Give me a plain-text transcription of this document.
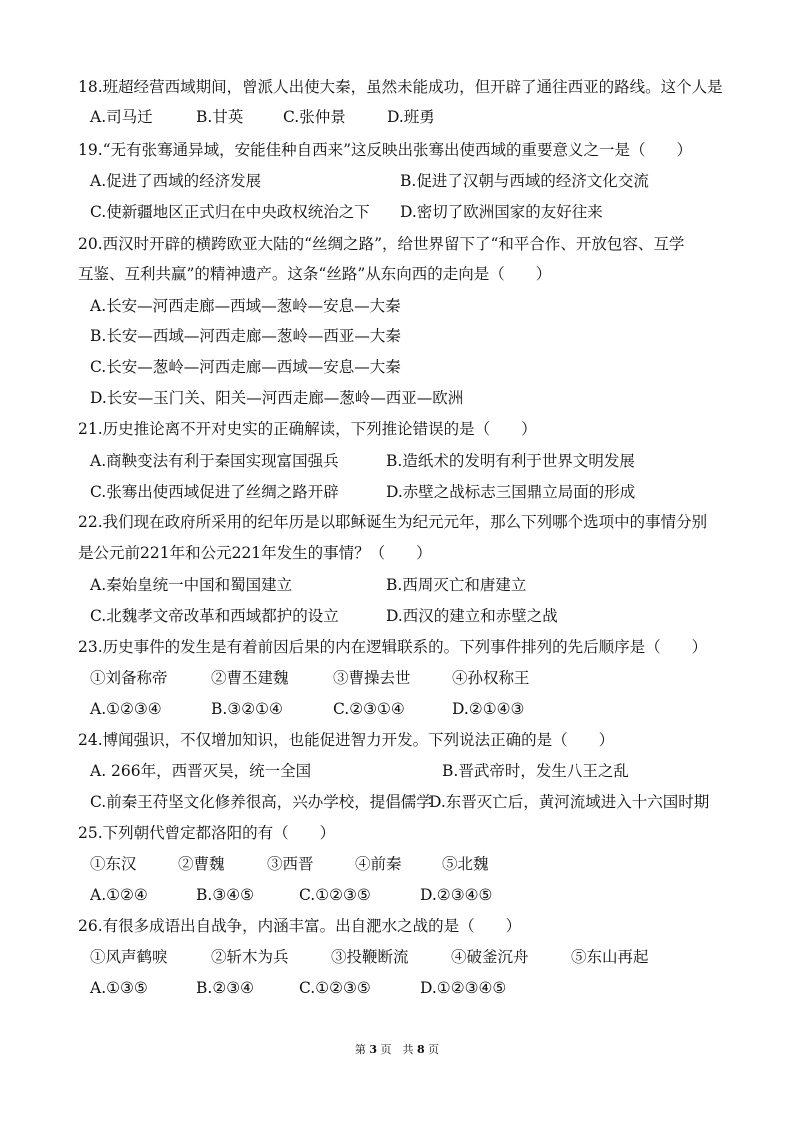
18.班超经营西域期间，曾派人出使大秦，虽然未能成功，但开辟了通往西亚的路线。这个人是
A.司马迁	B.甘英	C.张仲景	D.班勇
19.“无有张骞通异域，安能佳种自西来”这反映出张骞出使西域的重要意义之一是（　　）
A.促进了西域的经济发展	B.促进了汉朝与西域的经济文化交流
C.使新疆地区正式归在中央政权统治之下 D.密切了欧洲国家的友好往来
20.西汉时开辟的横跨欧亚大陆的“丝绸之路”，给世界留下了“和平合作、开放包容、互学
互鉴、互利共赢”的精神遗产。这条“丝路”从东向西的走向是（　　）
A.长安—河西走廊—西域—葱岭—安息—大秦
B.长安—西域—河西走廊—葱岭—西亚—大秦
C.长安—葱岭—河西走廊—西域—安息—大秦
D.长安—玉门关、阳关—河西走廊—葱岭—西亚—欧洲
21.历史推论离不开对史实的正确解读，下列推论错误的是（　　）
A.商鞅变法有利于秦国实现富国强兵	B.造纸术的发明有利于世界文明发展
C.张骞出使西域促进了丝绸之路开辟	D.赤壁之战标志三国鼎立局面的形成
22.我们现在政府所采用的纪年历是以耶稣诞生为纪元元年，那么下列哪个选项中的事情分别
是公元前221年和公元221年发生的事情？（　　）
A.秦始皇统一中国和蜀国建立	B.西周灭亡和唐建立
C.北魏孝文帝改革和西域都护的设立	D.西汉的建立和赤壁之战
23.历史事件的发生是有着前因后果的内在逻辑联系的。下列事件排列的先后顺序是（　　）
①刘备称帝	②曹丕建魏	③曹操去世	④孙权称王
A.①②③④	B.③②①④	C.②③①④	D.②①④③
24.博闻强识，不仅增加知识，也能促进智力开发。下列说法正确的是（　　）
A. 266年，西晋灭吴，统一全国	B.晋武帝时，发生八王之乱
C.前秦王苻坚文化修养很高，兴办学校，提倡儒学
D.东晋灭亡后，黄河流域进入十六国时期
25.下列朝代曾定都洛阳的有（　　）
①东汉	②曹魏	③西晋	④前秦	⑤北魏
A.①②④	B.③④⑤	C.①②③⑤	D.②③④⑤
26.有很多成语出自战争，内涵丰富。出自淝水之战的是（　　）
①风声鹤唳	②斩木为兵	③投鞭断流	④破釜沉舟	⑤东山再起
A.①③⑤	B.②③④	C.①②③⑤	D.①②③④⑤
第 3 页　共 8 页
